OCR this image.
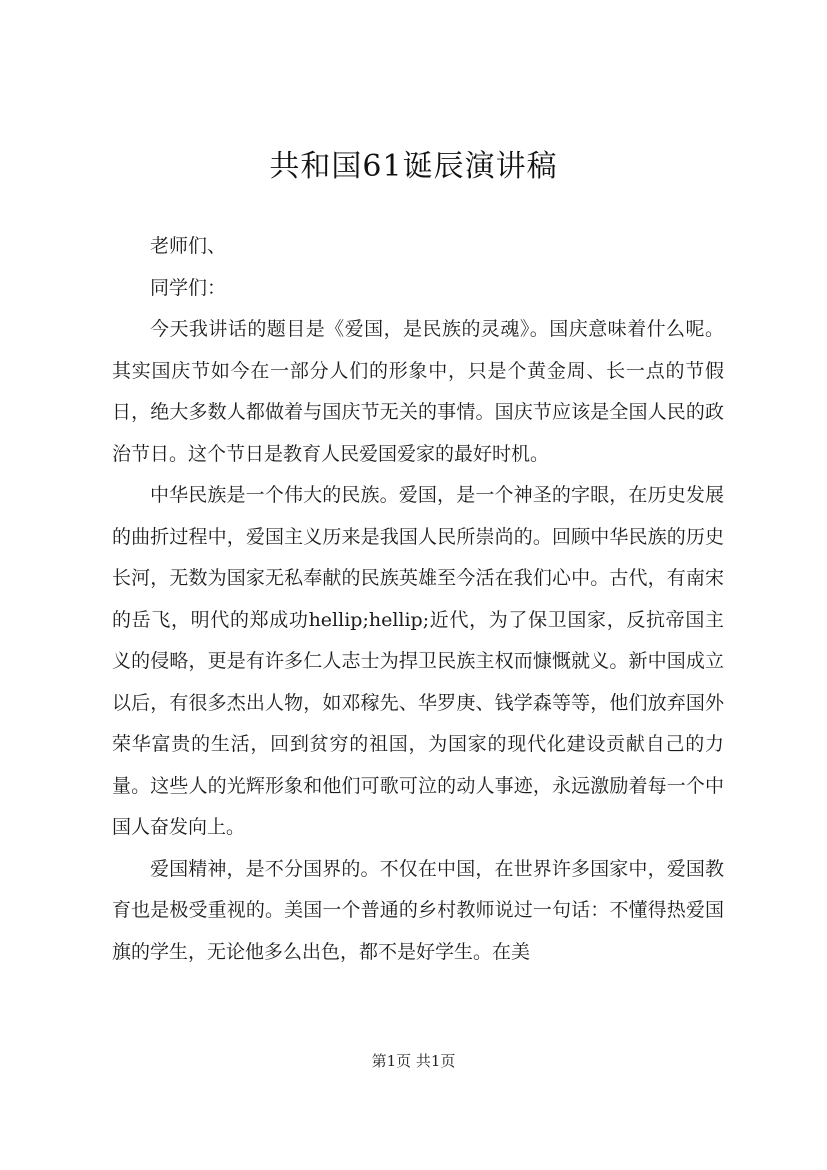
共和国61诞辰演讲稿

老师们、

同学们：

今天我讲话的题目是《爱国，是民族的灵魂》。国庆意味着什么呢。其实国庆节如今在一部分人们的形象中，只是个黄金周、长一点的节假日，绝大多数人都做着与国庆节无关的事情。国庆节应该是全国人民的政治节日。这个节日是教育人民爱国爱家的最好时机。

中华民族是一个伟大的民族。爱国，是一个神圣的字眼，在历史发展的曲折过程中，爱国主义历来是我国人民所崇尚的。回顾中华民族的历史长河，无数为国家无私奉献的民族英雄至今活在我们心中。古代，有南宋的岳飞，明代的郑成功hellip;hellip;近代，为了保卫国家，反抗帝国主义的侵略，更是有许多仁人志士为捍卫民族主权而慷慨就义。新中国成立以后，有很多杰出人物，如邓稼先、华罗庚、钱学森等等，他们放弃国外荣华富贵的生活，回到贫穷的祖国，为国家的现代化建设贡献自己的力量。这些人的光辉形象和他们可歌可泣的动人事迹，永远激励着每一个中国人奋发向上。

爱国精神，是不分国界的。不仅在中国，在世界许多国家中，爱国教育也是极受重视的。美国一个普通的乡村教师说过一句话：不懂得热爱国旗的学生，无论他多么出色，都不是好学生。在美

第1页 共1页
